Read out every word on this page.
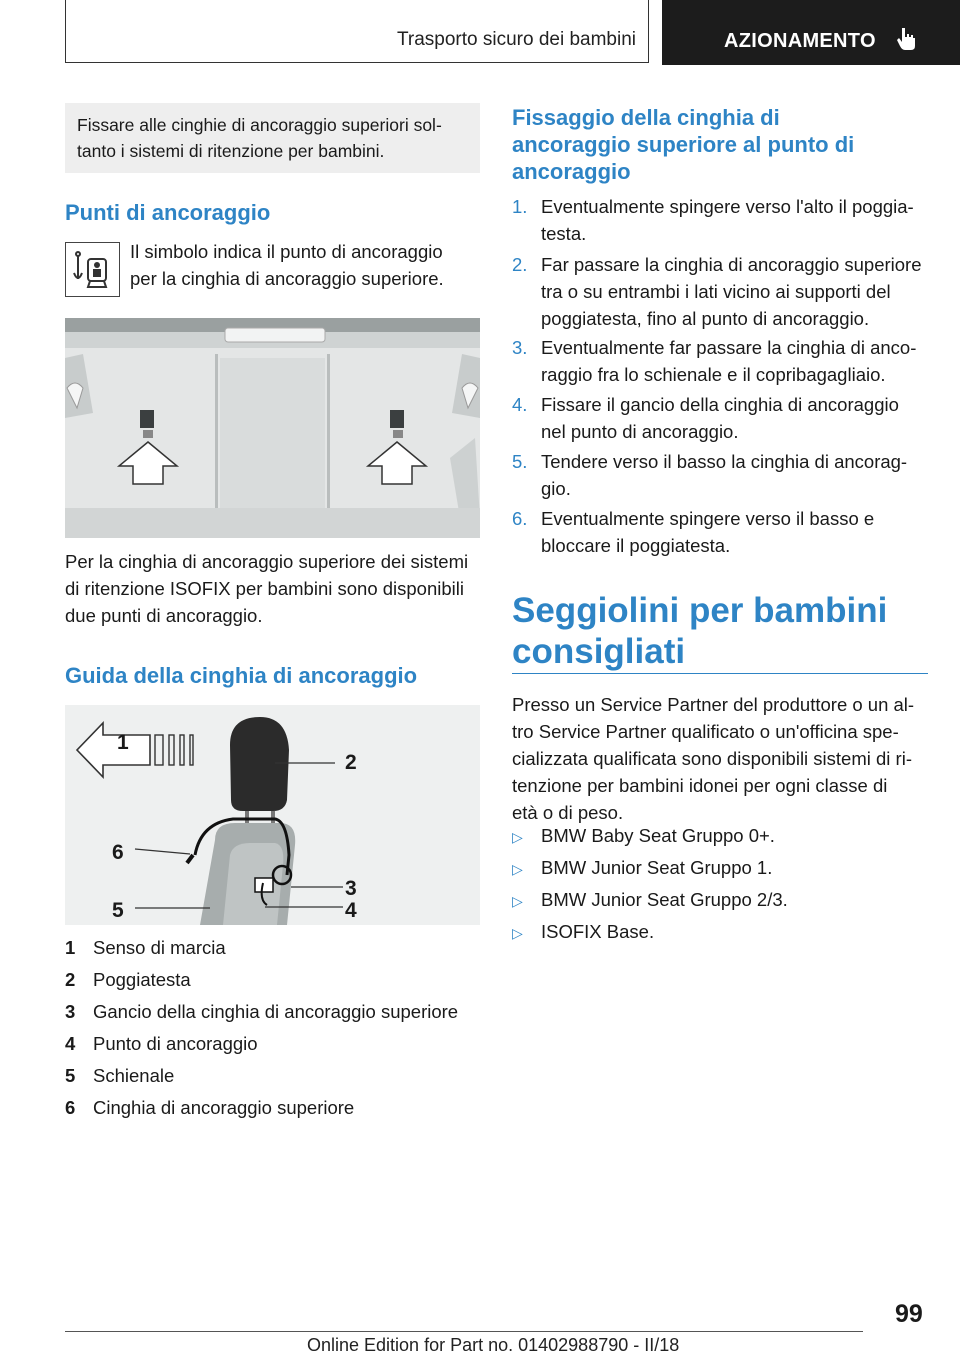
Trasporto sicuro dei bambini	AZIONAMENTO
Fissare alle cinghie di ancoraggio superiori sol-
tanto i sistemi di ritenzione per bambini.
Punti di ancoraggio
Il simbolo indica il punto di ancoraggio
per la cinghia di ancoraggio superiore.
Per la cinghia di ancoraggio superiore dei sistemi
di ritenzione ISOFIX per bambini sono disponibili
due punti di ancoraggio.
Guida della cinghia di ancoraggio
1
2
3
4
5
6
1 Senso di marcia
2 Poggiatesta
3 Gancio della cinghia di ancoraggio superiore
4 Punto di ancoraggio
5 Schienale
6 Cinghia di ancoraggio superiore
Fissaggio della cinghia di
ancoraggio superiore al punto di
ancoraggio
1. Eventualmente spingere verso l'alto il poggia-
testa.
2. Far passare la cinghia di ancoraggio superiore
tra o su entrambi i lati vicino ai supporti del
poggiatesta, fino al punto di ancoraggio.
3. Eventualmente far passare la cinghia di anco-
raggio fra lo schienale e il copribagagliaio.
4. Fissare il gancio della cinghia di ancoraggio
nel punto di ancoraggio.
5. Tendere verso il basso la cinghia di ancorag-
gio.
6. Eventualmente spingere verso il basso e
bloccare il poggiatesta.
Seggiolini per bambini
consigliati
Presso un Service Partner del produttore o un al-
tro Service Partner qualificato o un'officina spe-
cializzata qualificata sono disponibili sistemi di ri-
tenzione per bambini idonei per ogni classe di
età o di peso.
▷ BMW Baby Seat Gruppo 0+.
▷ BMW Junior Seat Gruppo 1.
▷ BMW Junior Seat Gruppo 2/3.
▷ ISOFIX Base.
99
Online Edition for Part no. 01402988790 - II/18
